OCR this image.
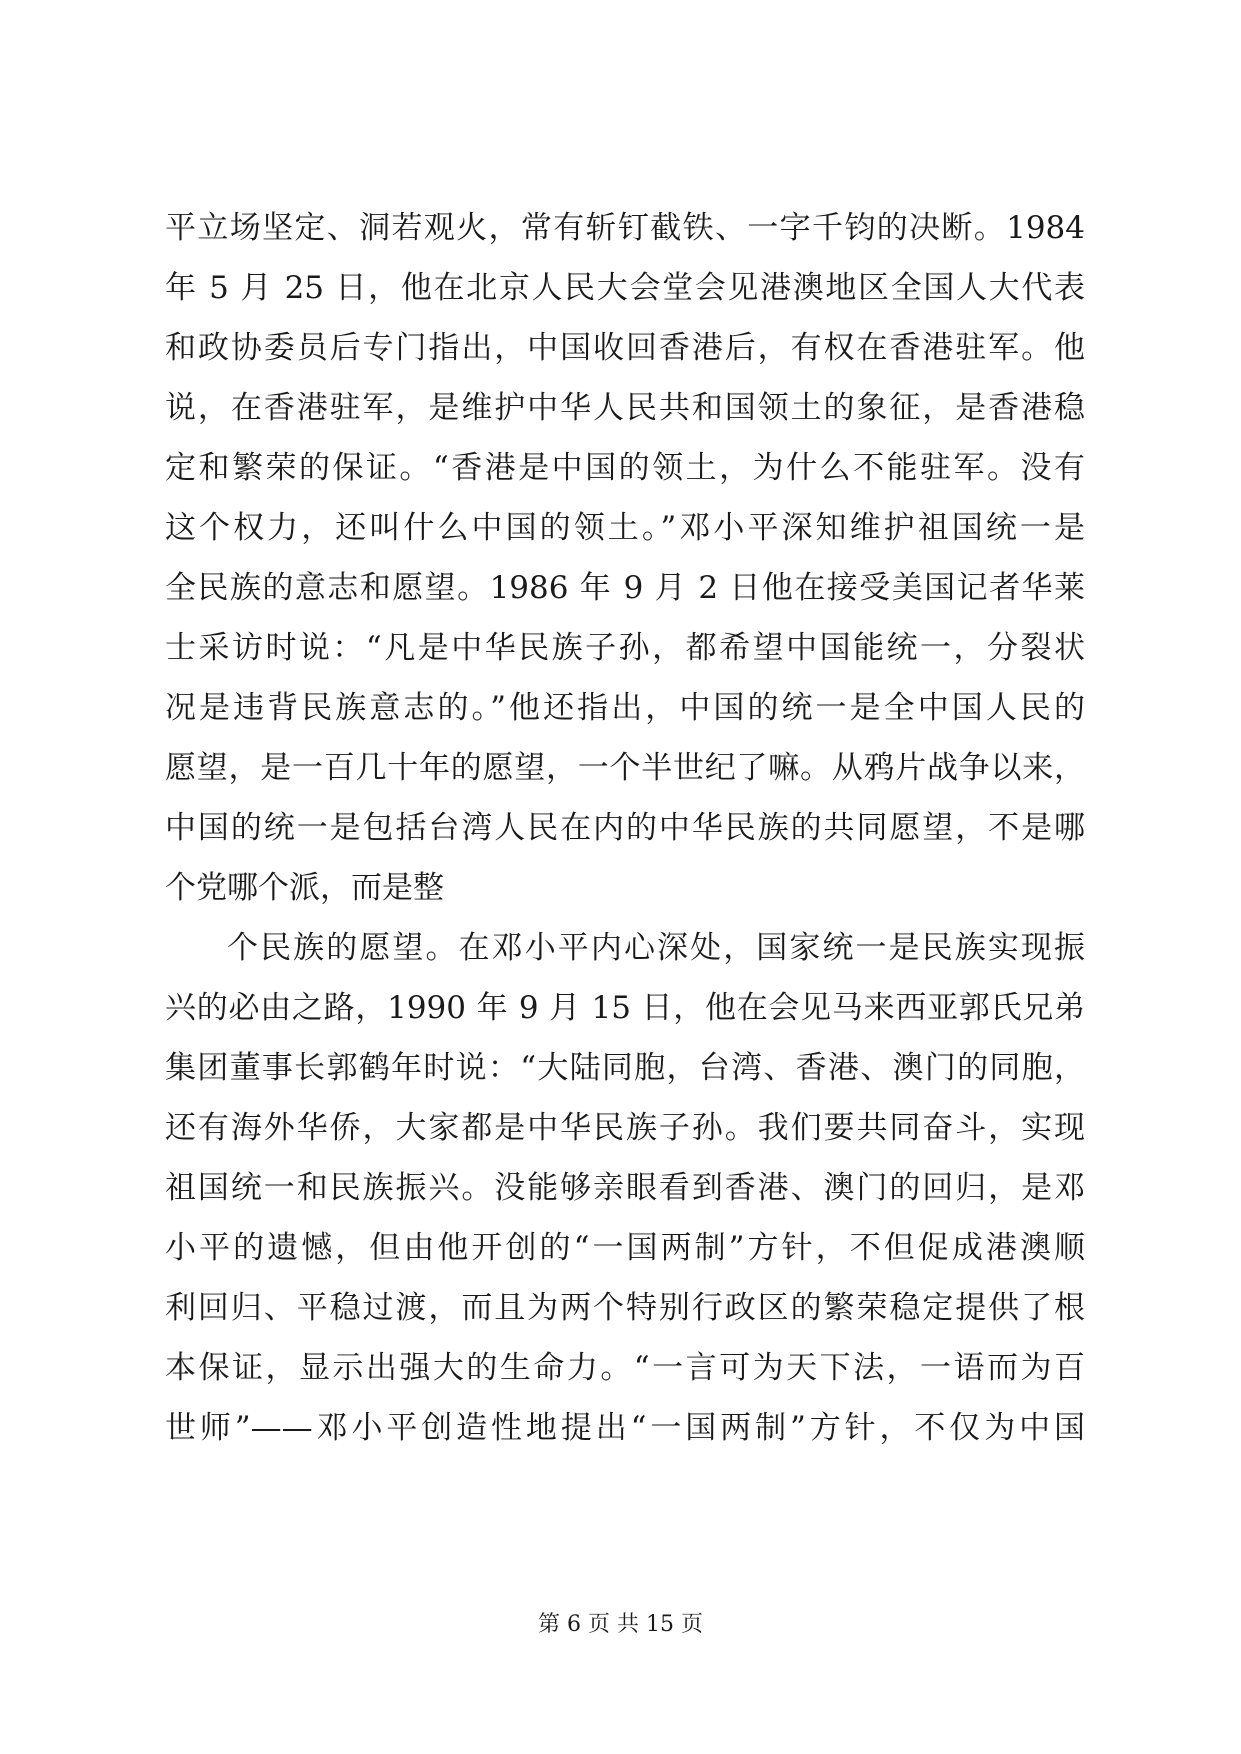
平立场坚定、洞若观火，常有斩钉截铁、一字千钧的决断。1984
年 5 月 25 日，他在北京人民大会堂会见港澳地区全国人大代表
和政协委员后专门指出，中国收回香港后，有权在香港驻军。他
说，在香港驻军，是维护中华人民共和国领土的象征，是香港稳
定和繁荣的保证。“香港是中国的领土，为什么不能驻军。没有
这个权力，还叫什么中国的领土。”邓小平深知维护祖国统一是
全民族的意志和愿望。1986 年 9 月 2 日他在接受美国记者华莱
士采访时说：“凡是中华民族子孙，都希望中国能统一，分裂状
况是违背民族意志的。”他还指出，中国的统一是全中国人民的
愿望，是一百几十年的愿望，一个半世纪了嘛。从鸦片战争以来，
中国的统一是包括台湾人民在内的中华民族的共同愿望，不是哪
个党哪个派，而是整
个民族的愿望。在邓小平内心深处，国家统一是民族实现振
兴的必由之路，1990 年 9 月 15 日，他在会见马来西亚郭氏兄弟
集团董事长郭鹤年时说：“大陆同胞，台湾、香港、澳门的同胞，
还有海外华侨，大家都是中华民族子孙。我们要共同奋斗，实现
祖国统一和民族振兴。没能够亲眼看到香港、澳门的回归，是邓
小平的遗憾，但由他开创的“一国两制”方针，不但促成港澳顺
利回归、平稳过渡，而且为两个特别行政区的繁荣稳定提供了根
本保证，显示出强大的生命力。“一言可为天下法，一语而为百
世师”——邓小平创造性地提出“一国两制”方针，不仅为中国
第 6 页 共 15 页
